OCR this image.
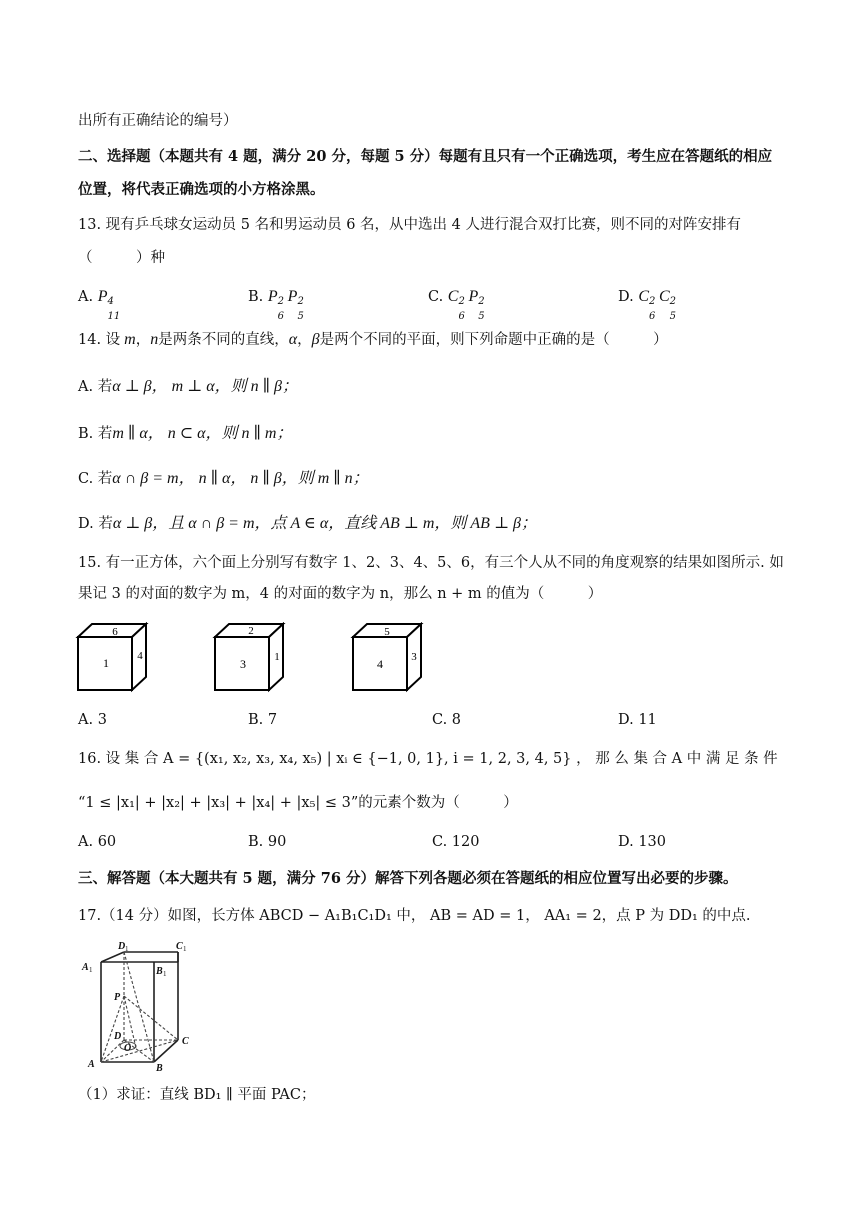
出所有正确结论的编号）
二、选择题（本题共有 4 题，满分 20 分，每题 5 分）每题有且只有一个正确选项，考生应在答题纸的相应
位置，将代表正确选项的小方格涂黑。
13. 现有乒乓球女运动员 5 名和男运动员 6 名，从中选出 4 人进行混合双打比赛，则不同的对阵安排有
（　　　）种
A. P 4
11
B. P 2
6
P 2
5
C. C 2
6
P 2
5
D. C 2
6
C 2
5
14. 设 m，n是两条不同的直线，α，β是两个不同的平面，则下列命题中正确的是（　　　）
A. 若α ⊥ β， m ⊥ α，则 n ∥ β；
B. 若m ∥ α， n ⊂ α，则 n ∥ m；
C. 若α ∩ β = m， n ∥ α， n ∥ β，则 m ∥ n；
D. 若α ⊥ β，且 α ∩ β = m，点 A ∈ α，直线 AB ⊥ m，则 AB ⊥ β；
15. 有一正方体，六个面上分别写有数字 1、2、3、4、5、6，有三个人从不同的角度观察的结果如图所示. 如
果记 3 的对面的数字为 m，4 的对面的数字为 n，那么 n + m 的值为（　　　）
6
1	4
2
3	1
5
4	3
A. 3	B. 7	C. 8	D. 11
16. 设 集 合 A = {(x₁, x₂, x₃, x₄, x₅) | xᵢ ∈ {−1, 0, 1}, i = 1, 2, 3, 4, 5} ， 那 么 集 合 A 中 满 足 条 件
“1 ≤ |x₁| + |x₂| + |x₃| + |x₄| + |x₅| ≤ 3”的元素个数为（　　　）
A. 60	B. 90	C. 120	D. 130
三、解答题（本大题共有 5 题，满分 76 分）解答下列各题必须在答题纸的相应位置写出必要的步骤。
17.（14 分）如图，长方体 ABCD − A₁B₁C₁D₁ 中， AB = AD = 1， AA₁ = 2，点 P 为 DD₁ 的中点.
D	C
A	B
P
D
O
C
A	B
1	1
1	1
（1）求证：直线 BD₁ ∥ 平面 PAC；
